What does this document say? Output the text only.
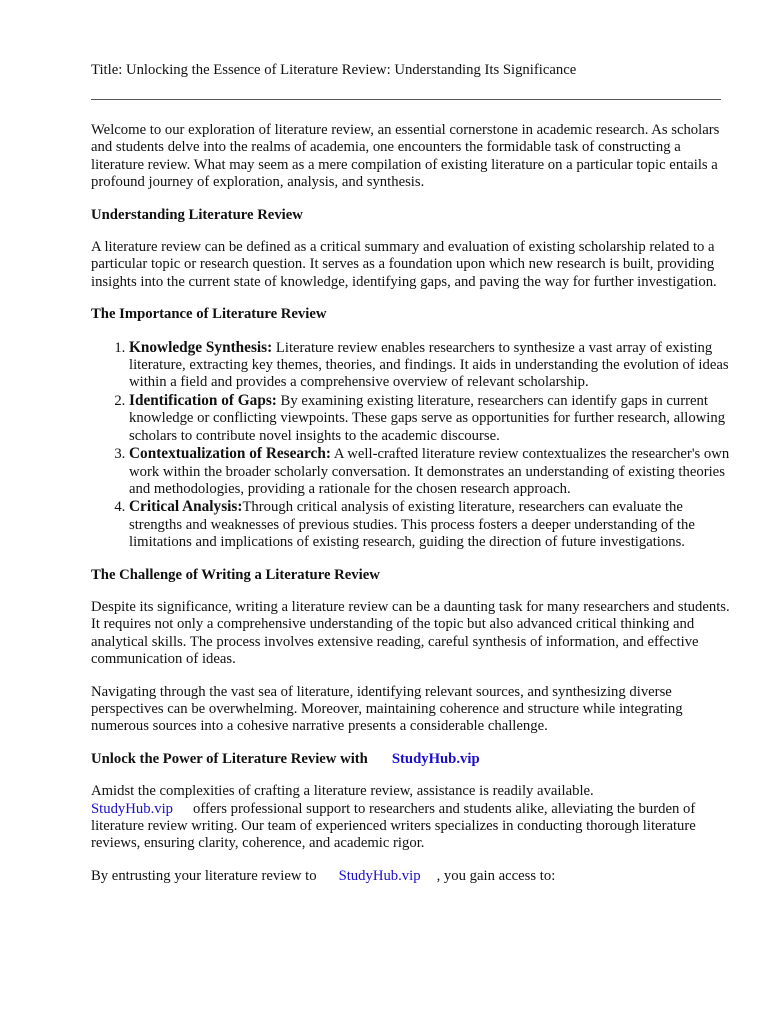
Title: Unlocking the Essence of Literature Review: Understanding Its Significance

Welcome to our exploration of literature review, an essential cornerstone in academic research. As scholars and students delve into the realms of academia, one encounters the formidable task of constructing a literature review. What may seem as a mere compilation of existing literature on a particular topic entails a profound journey of exploration, analysis, and synthesis.

Understanding Literature Review

A literature review can be defined as a critical summary and evaluation of existing scholarship related to a particular topic or research question. It serves as a foundation upon which new research is built, providing insights into the current state of knowledge, identifying gaps, and paving the way for further investigation.

The Importance of Literature Review
1. Knowledge Synthesis: Literature review enables researchers to synthesize a vast array of existing literature, extracting key themes, theories, and findings. It aids in understanding the evolution of ideas within a field and provides a comprehensive overview of relevant scholarship.
2. Identification of Gaps: By examining existing literature, researchers can identify gaps in current knowledge or conflicting viewpoints. These gaps serve as opportunities for further research, allowing scholars to contribute novel insights to the academic discourse.
3. Contextualization of Research: A well-crafted literature review contextualizes the researcher's own work within the broader scholarly conversation. It demonstrates an understanding of existing theories and methodologies, providing a rationale for the chosen research approach.
4. Critical Analysis:Through critical analysis of existing literature, researchers can evaluate the strengths and weaknesses of previous studies. This process fosters a deeper understanding of the limitations and implications of existing research, guiding the direction of future investigations.
The Challenge of Writing a Literature Review

Despite its significance, writing a literature review can be a daunting task for many researchers and students. It requires not only a comprehensive understanding of the topic but also advanced critical thinking and analytical skills. The process involves extensive reading, careful synthesis of information, and effective communication of ideas.

Navigating through the vast sea of literature, identifying relevant sources, and synthesizing diverse perspectives can be overwhelming. Moreover, maintaining coherence and structure while integrating numerous sources into a cohesive narrative presents a considerable challenge.

Unlock the Power of Literature Review with StudyHub.vip

Amidst the complexities of crafting a literature review, assistance is readily available.
StudyHub.vip offers professional support to researchers and students alike, alleviating the burden of literature review writing. Our team of experienced writers specializes in conducting thorough literature reviews, ensuring clarity, coherence, and academic rigor.

By entrusting your literature review to StudyHub.vip , you gain access to:
